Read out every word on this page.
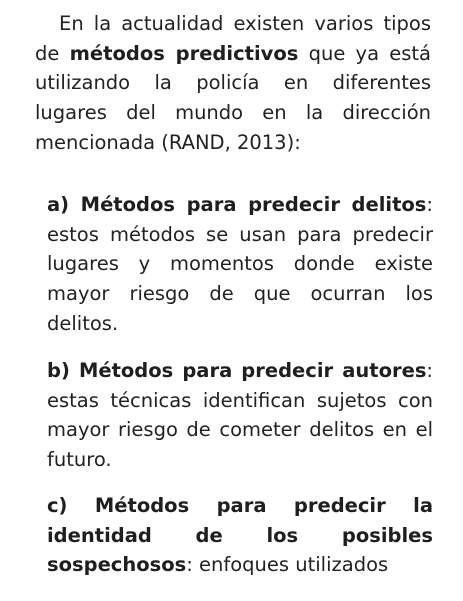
En la actualidad existen varios tipos de métodos predictivos que ya está utilizando la policía en diferentes lugares del mundo en la dirección mencionada (RAND, 2013):

a) Métodos para predecir delitos: estos métodos se usan para predecir lugares y momentos donde existe mayor riesgo de que ocurran los delitos.

b) Métodos para predecir autores: estas técnicas identifican sujetos con mayor riesgo de cometer delitos en el futuro.

c) Métodos para predecir la identidad de los posibles sospechosos: enfoques utilizados
